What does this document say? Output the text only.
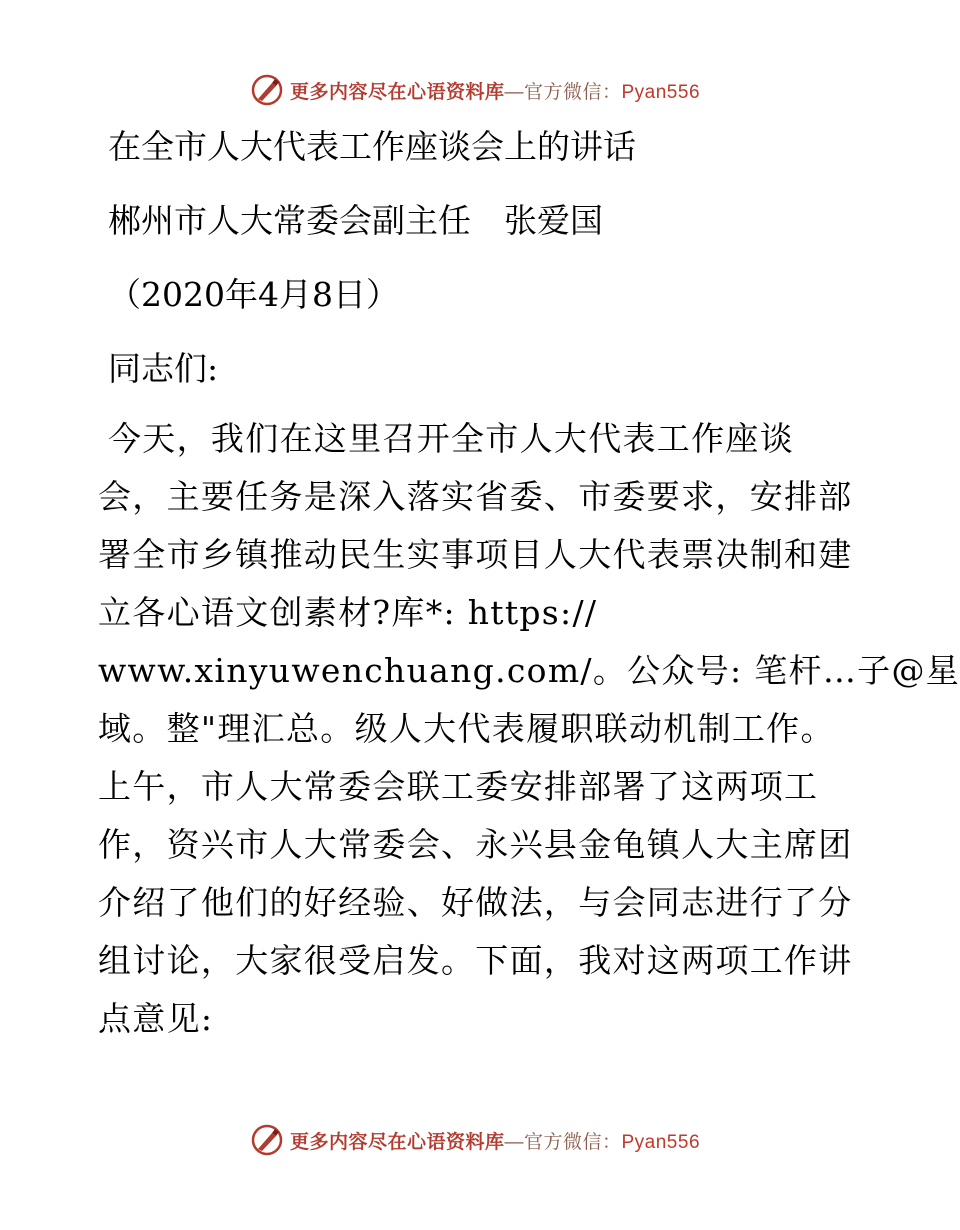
更多内容尽在心语资料库—官方微信：Pyan556
在全市人大代表工作座谈会上的讲话
郴州市人大常委会副主任　张爱国
（2020年4月8日）
同志们:
今天，我们在这里召开全市人大代表工作座谈
会，主要任务是深入落实省委、市委要求，安排部
署全市乡镇推动民生实事项目人大代表票决制和建
立各心语文创素材?库*: https://
www.xinyuwenchuang.com/。公众号: 笔杆…子@星
域。整"理汇总。级人大代表履职联动机制工作。
上午，市人大常委会联工委安排部署了这两项工
作，资兴市人大常委会、永兴县金龟镇人大主席团
介绍了他们的好经验、好做法，与会同志进行了分
组讨论，大家很受启发。下面，我对这两项工作讲
点意见:
更多内容尽在心语资料库—官方微信：Pyan556
